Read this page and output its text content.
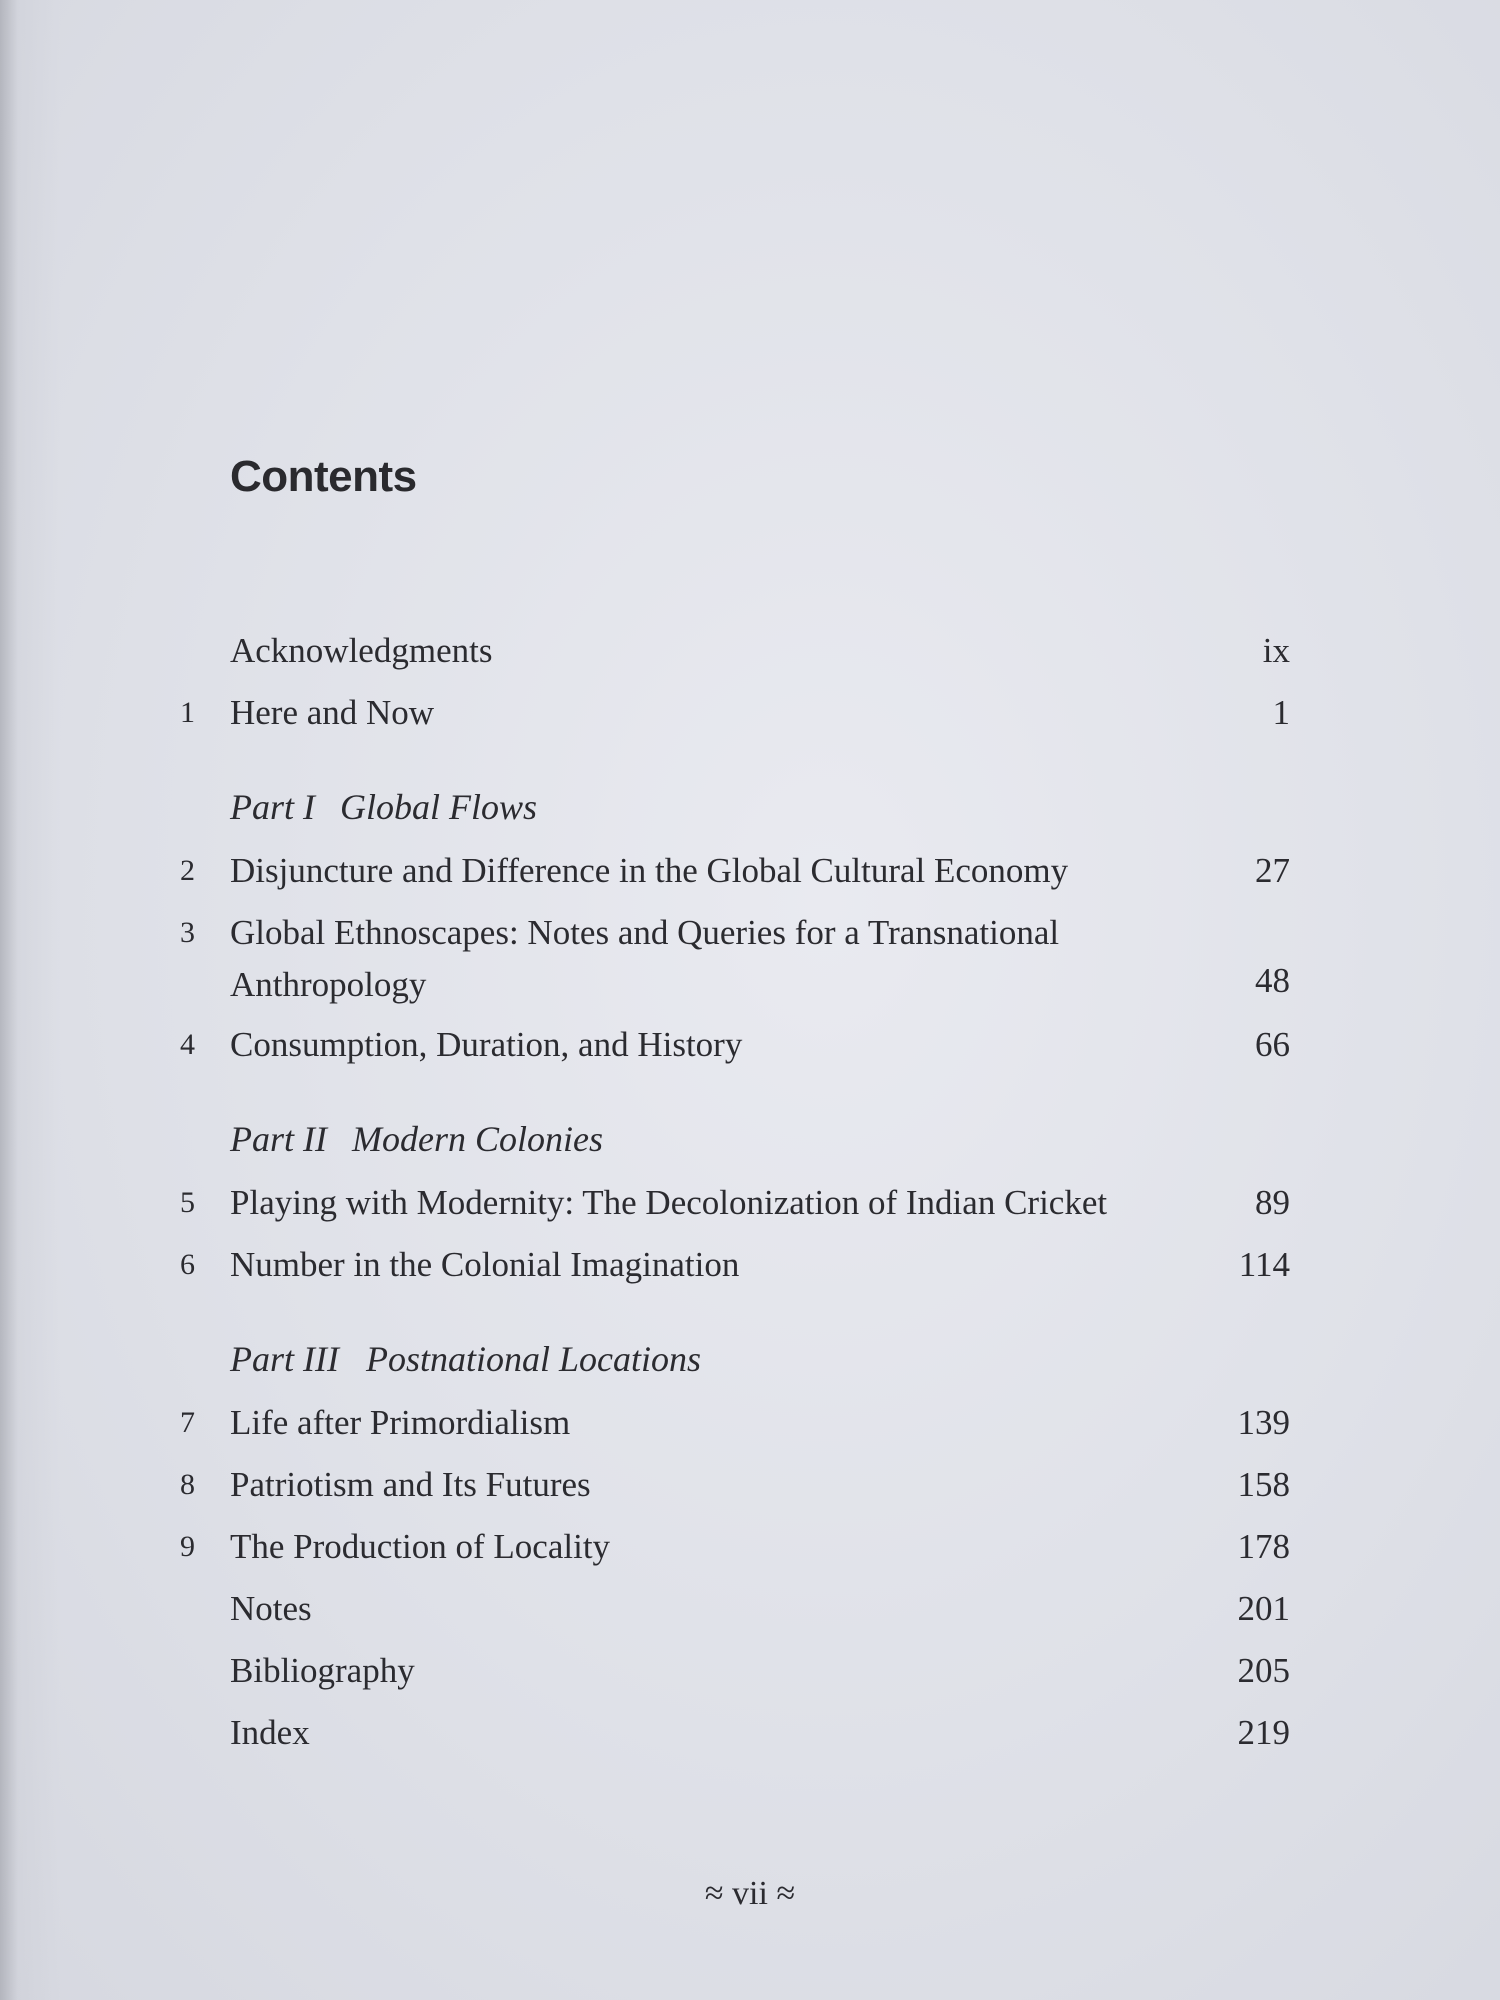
Contents
Acknowledgments	ix
1	Here and Now	1
Part I Global Flows
2	Disjuncture and Difference in the Global Cultural Economy	27
3	Global Ethnoscapes: Notes and Queries for a Transnational Anthropology	48
4	Consumption, Duration, and History	66
Part II Modern Colonies
5	Playing with Modernity: The Decolonization of Indian Cricket	89
6	Number in the Colonial Imagination	114
Part III Postnational Locations
7	Life after Primordialism	139
8	Patriotism and Its Futures	158
9	The Production of Locality	178
Notes	201
Bibliography	205
Index	219
≈ vii ≈
